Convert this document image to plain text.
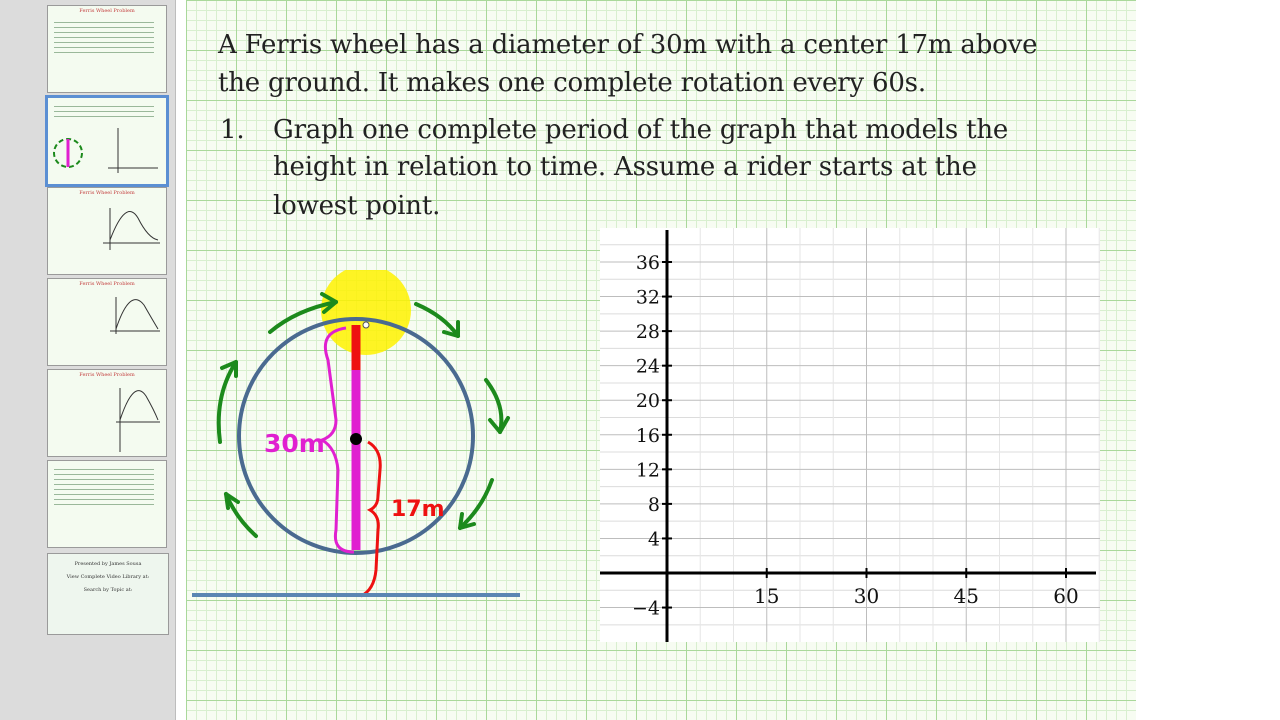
Ferris Wheel Problem
Ferris Wheel Problem
Ferris Wheel Problem
Ferris Wheel Problem
Presented by James Sousa
View Complete Video Library at:
Search by Topic at:
A Ferris wheel has a diameter of 30m with a center 17m above
the ground. It makes one complete rotation every 60s.
1. Graph one complete period of the graph that models the
height in relation to time. Assume a rider starts at the
lowest point.
30m
17m
−4
4
8
12
16
20
24
28
32
36
15	30	45	60
